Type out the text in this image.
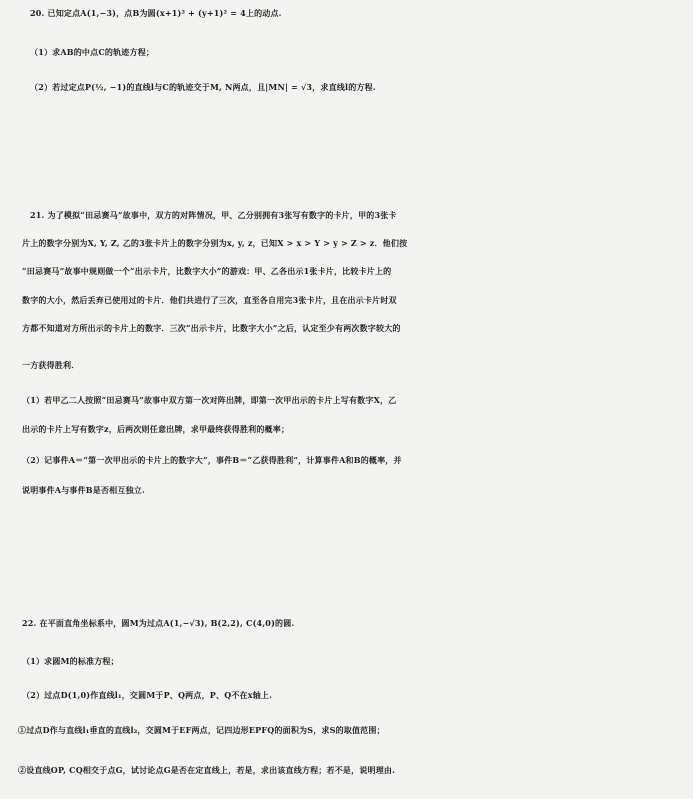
20. 已知定点A(1,−3)，点B为圆(x+1)² + (y+1)² = 4上的动点.
（1）求AB的中点C的轨迹方程；
（2）若过定点P(½, −1)的直线l与C的轨迹交于M, N两点，且|MN| = √3，求直线l的方程.
21. 为了模拟“田忌赛马”故事中，双方的对阵情况，甲、乙分别拥有3张写有数字的卡片，甲的3张卡
片上的数字分别为X, Y, Z, 乙的3张卡片上的数字分别为x, y, z，已知X > x > Y > y > Z > z．他们按
“田忌赛马”故事中规则做一个“出示卡片，比数字大小”的游戏：甲、乙各出示1张卡片，比较卡片上的
数字的大小，然后丢弃已使用过的卡片．他们共进行了三次，直至各自用完3张卡片，且在出示卡片时双
方都不知道对方所出示的卡片上的数字．三次“出示卡片，比数字大小”之后，认定至少有两次数字较大的
一方获得胜利．
（1）若甲乙二人按照“田忌赛马”故事中双方第一次对阵出牌，即第一次甲出示的卡片上写有数字X，乙
出示的卡片上写有数字z，后两次则任意出牌，求甲最终获得胜利的概率；
（2）记事件A＝“第一次甲出示的卡片上的数字大”，事件B＝“乙获得胜利”，计算事件A和B的概率，并
说明事件A与事件B是否相互独立.
22. 在平面直角坐标系中，圆M为过点A(1,−√3), B(2,2), C(4,0)的圆.
（1）求圆M的标准方程；
（2）过点D(1,0)作直线l₁，交圆M于P、Q两点，P、Q不在x轴上.
①过点D作与直线l₁垂直的直线l₂，交圆M于EF两点，记四边形EPFQ的面积为S，求S的取值范围；
②设直线OP, CQ相交于点G，试讨论点G是否在定直线上，若是，求出该直线方程；若不是，说明理由.
